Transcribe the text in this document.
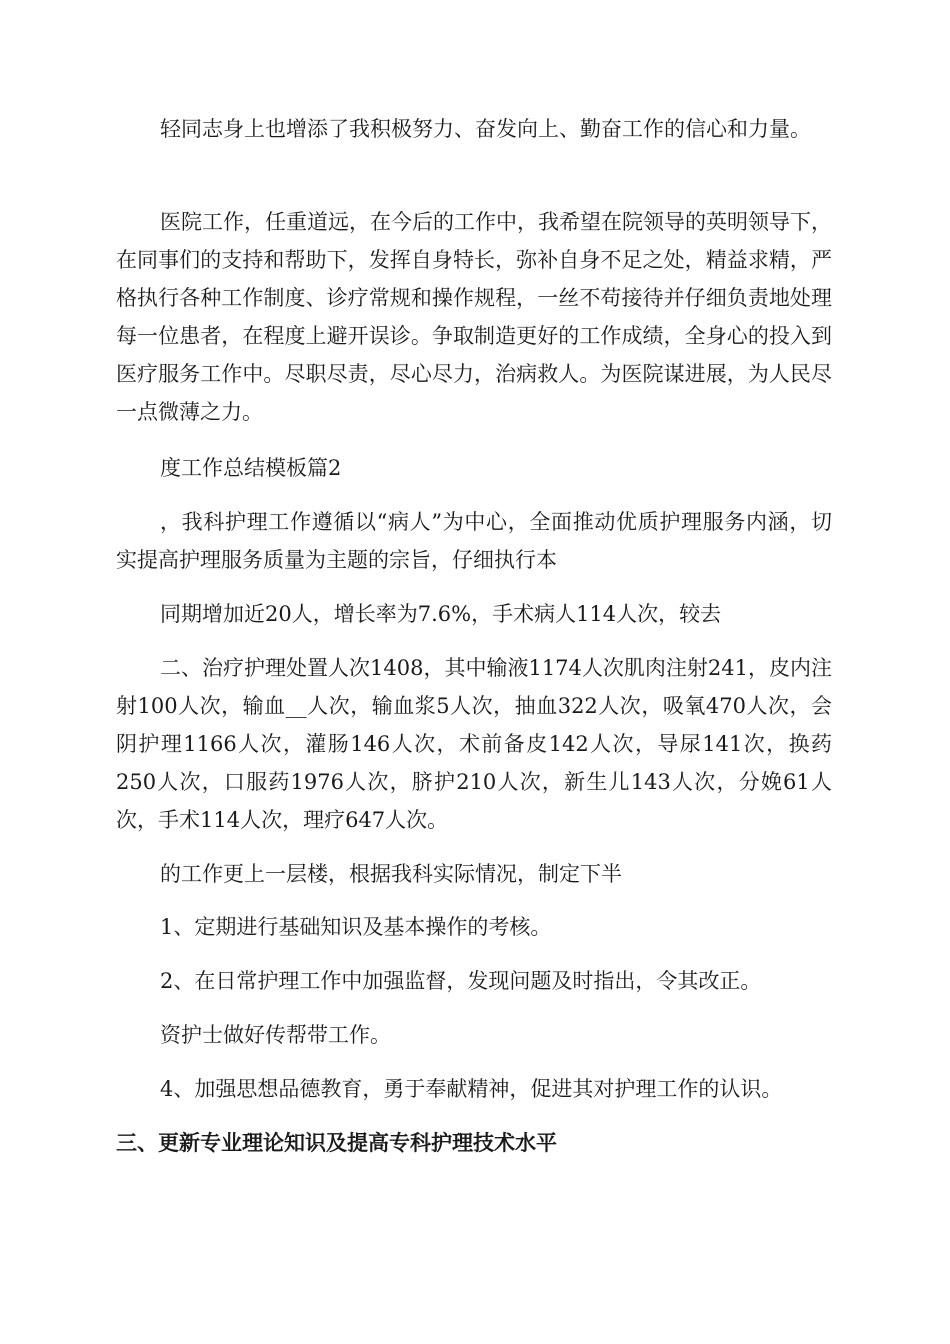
轻同志身上也增添了我积极努力、奋发向上、勤奋工作的信心和力量。

医院工作，任重道远，在今后的工作中，我希望在院领导的英明领导下，在同事们的支持和帮助下，发挥自身特长，弥补自身不足之处，精益求精，严格执行各种工作制度、诊疗常规和操作规程，一丝不苟接待并仔细负责地处理每一位患者，在程度上避开误诊。争取制造更好的工作成绩，全身心的投入到医疗服务工作中。尽职尽责，尽心尽力，治病救人。为医院谋进展，为人民尽一点微薄之力。

度工作总结模板篇2

，我科护理工作遵循以“病人”为中心，全面推动优质护理服务内涵，切实提高护理服务质量为主题的宗旨，仔细执行本

同期增加近20人，增长率为7.6%，手术病人114人次，较去

二、治疗护理处置人次1408，其中输液1174人次肌肉注射241，皮内注射100人次，输血__人次，输血浆5人次，抽血322人次，吸氧470人次，会阴护理1166人次，灌肠146人次，术前备皮142人次，导尿141次，换药250人次，口服药1976人次，脐护210人次，新生儿143人次，分娩61人次，手术114人次，理疗647人次。

的工作更上一层楼，根据我科实际情况，制定下半

1、定期进行基础知识及基本操作的考核。

2、在日常护理工作中加强监督，发现问题及时指出，令其改正。

资护士做好传帮带工作。

4、加强思想品德教育，勇于奉献精神，促进其对护理工作的认识。

三、更新专业理论知识及提高专科护理技术水平
